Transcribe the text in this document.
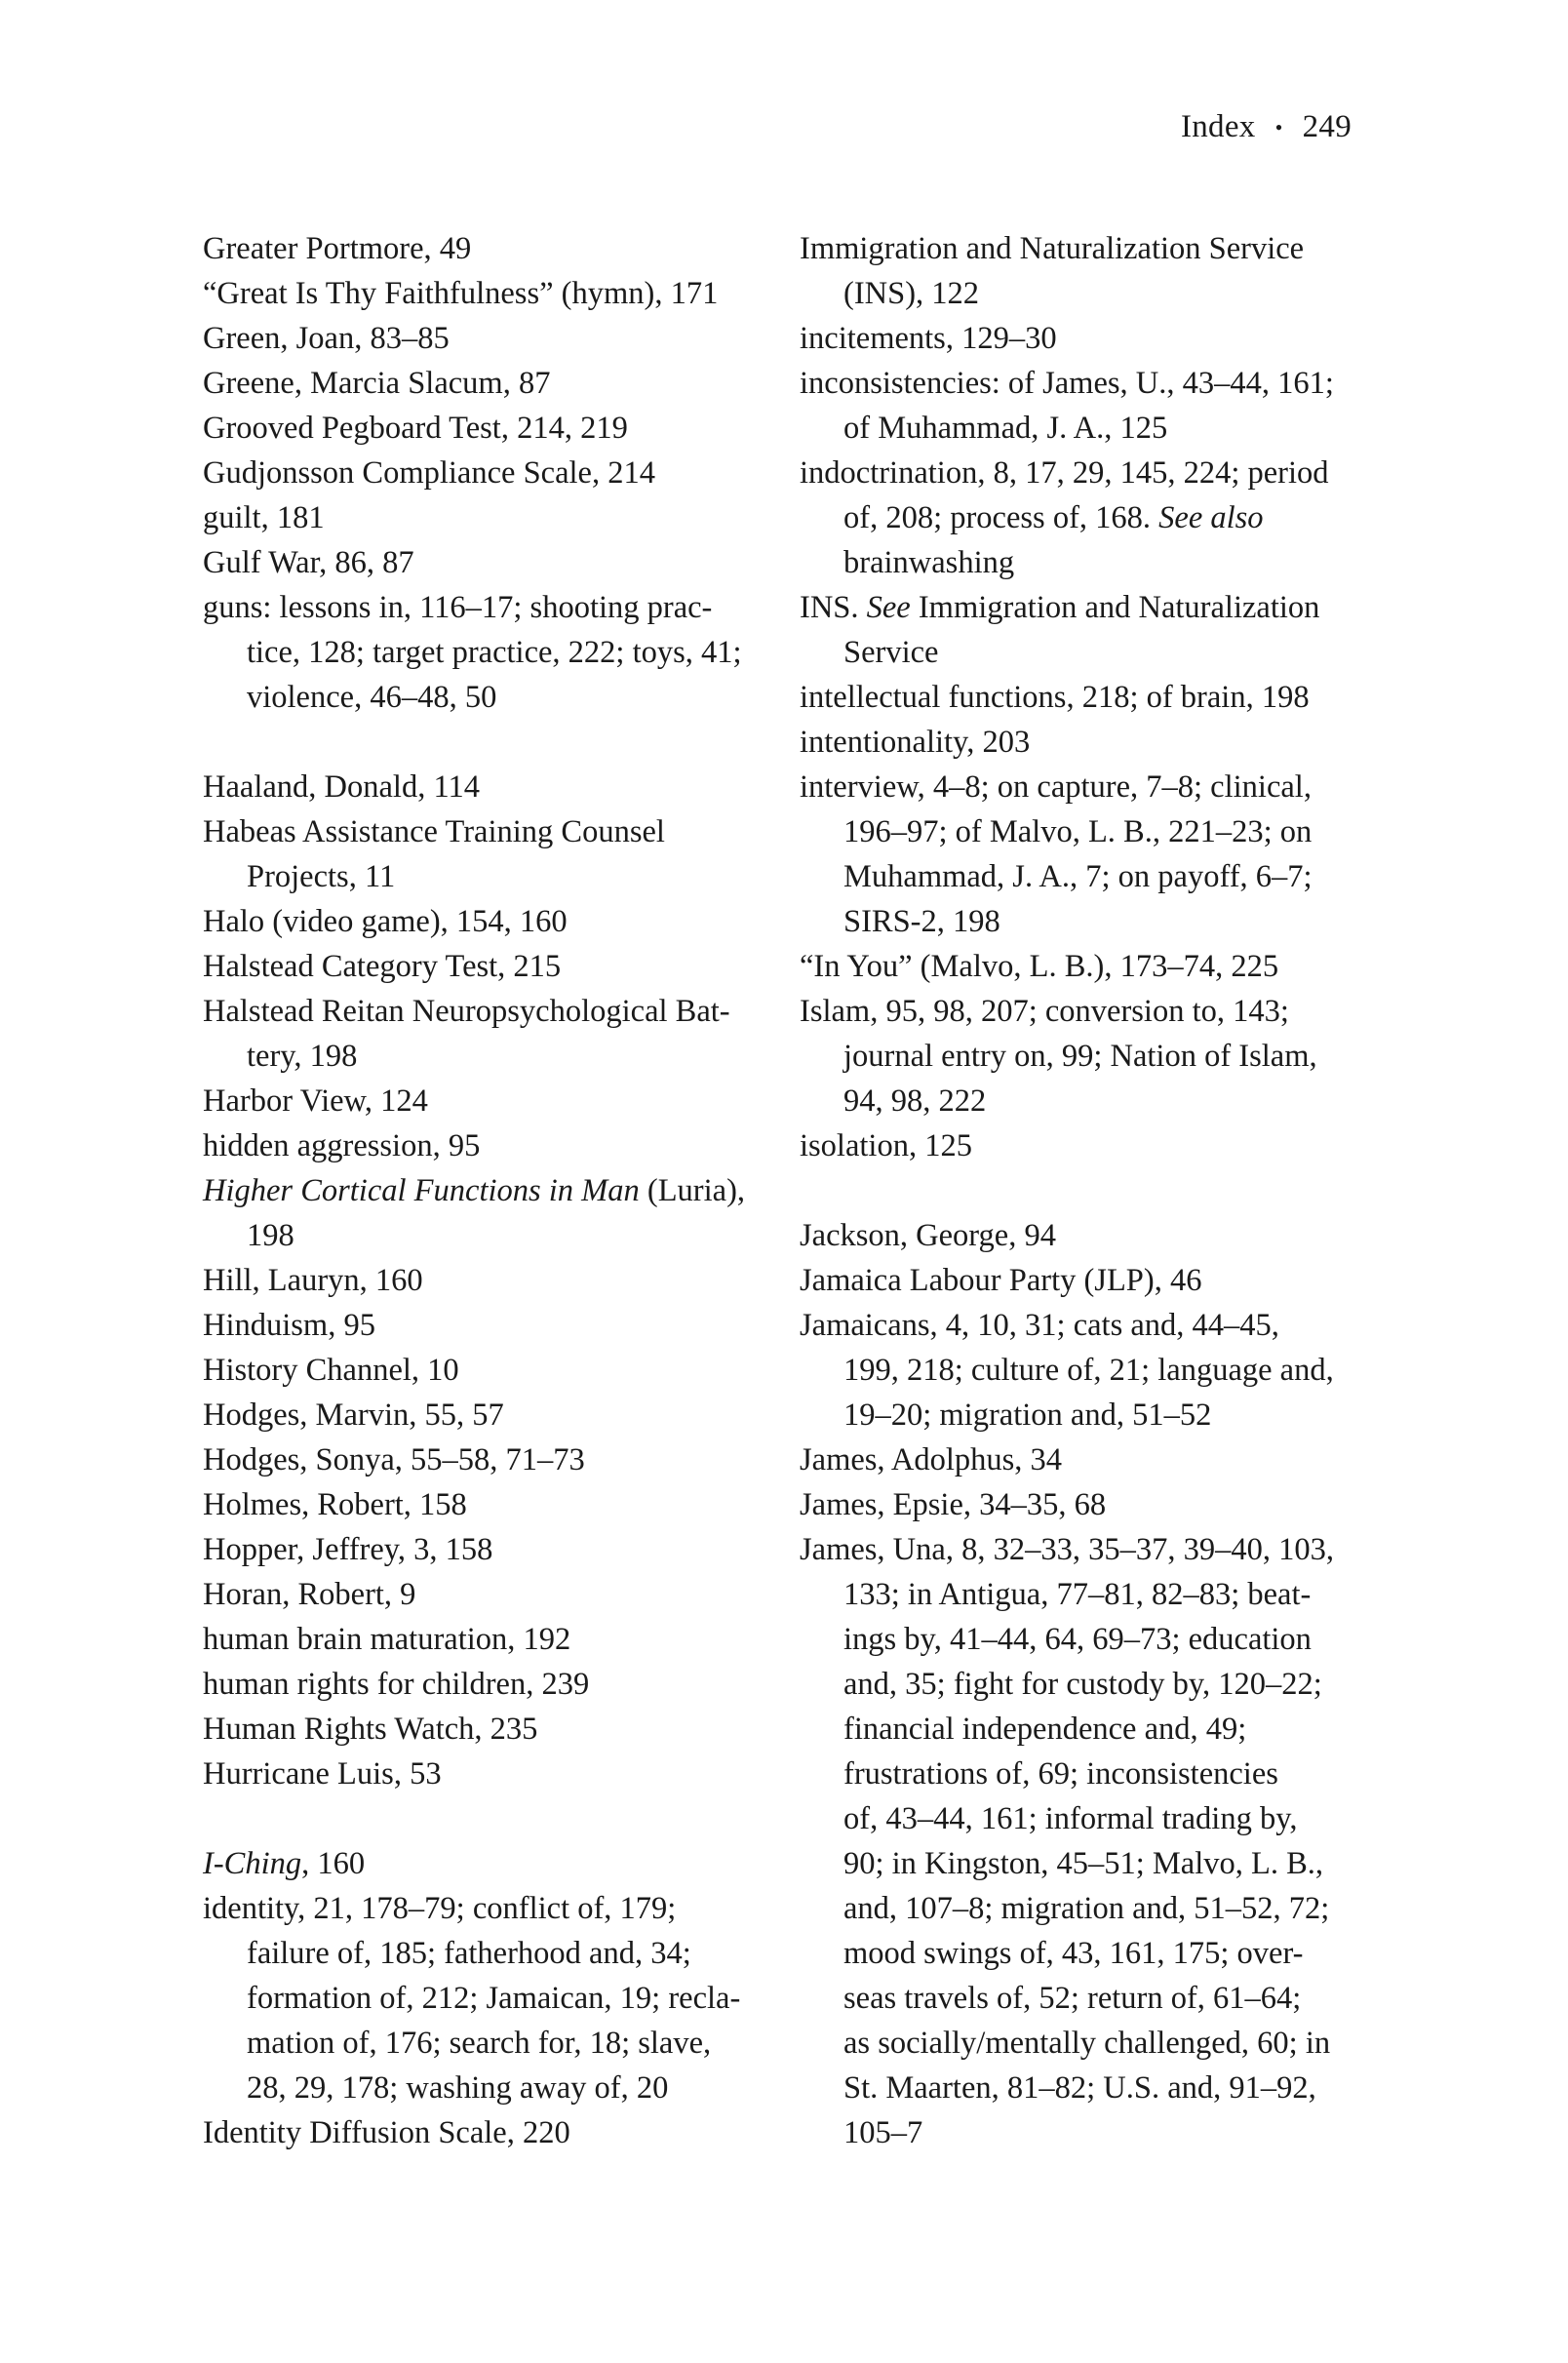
Index • 249

Greater Portmore, 49

“Great Is Thy Faithfulness” (hymn), 171

Green, Joan, 83–85

Greene, Marcia Slacum, 87

Grooved Pegboard Test, 214, 219

Gudjonsson Compliance Scale, 214

guilt, 181

Gulf War, 86, 87

guns: lessons in, 116–17; shooting prac-
tice, 128; target practice, 222; toys, 41;
violence, 46–48, 50

Haaland, Donald, 114

Habeas Assistance Training Counsel
Projects, 11

Halo (video game), 154, 160

Halstead Category Test, 215

Halstead Reitan Neuropsychological Bat-
tery, 198

Harbor View, 124

hidden aggression, 95

Higher Cortical Functions in Man (Luria),
198

Hill, Lauryn, 160

Hinduism, 95

History Channel, 10

Hodges, Marvin, 55, 57

Hodges, Sonya, 55–58, 71–73

Holmes, Robert, 158

Hopper, Jeffrey, 3, 158

Horan, Robert, 9

human brain maturation, 192

human rights for children, 239

Human Rights Watch, 235

Hurricane Luis, 53

I-Ching, 160

identity, 21, 178–79; conflict of, 179;
failure of, 185; fatherhood and, 34;
formation of, 212; Jamaican, 19; recla-
mation of, 176; search for, 18; slave,
28, 29, 178; washing away of, 20

Identity Diffusion Scale, 220

Immigration and Naturalization Service
(INS), 122

incitements, 129–30

inconsistencies: of James, U., 43–44, 161;
of Muhammad, J. A., 125

indoctrination, 8, 17, 29, 145, 224; period
of, 208; process of, 168. See also
brainwashing

INS. See Immigration and Naturalization
Service

intellectual functions, 218; of brain, 198

intentionality, 203

interview, 4–8; on capture, 7–8; clinical,
196–97; of Malvo, L. B., 221–23; on
Muhammad, J. A., 7; on payoff, 6–7;
SIRS-2, 198

“In You” (Malvo, L. B.), 173–74, 225

Islam, 95, 98, 207; conversion to, 143;
journal entry on, 99; Nation of Islam,
94, 98, 222

isolation, 125

Jackson, George, 94

Jamaica Labour Party (JLP), 46

Jamaicans, 4, 10, 31; cats and, 44–45,
199, 218; culture of, 21; language and,
19–20; migration and, 51–52

James, Adolphus, 34

James, Epsie, 34–35, 68

James, Una, 8, 32–33, 35–37, 39–40, 103,
133; in Antigua, 77–81, 82–83; beat-
ings by, 41–44, 64, 69–73; education
and, 35; fight for custody by, 120–22;
financial independence and, 49;
frustrations of, 69; inconsistencies
of, 43–44, 161; informal trading by,
90; in Kingston, 45–51; Malvo, L. B.,
and, 107–8; migration and, 51–52, 72;
mood swings of, 43, 161, 175; over-
seas travels of, 52; return of, 61–64;
as socially/mentally challenged, 60; in
St. Maarten, 81–82; U.S. and, 91–92,
105–7
